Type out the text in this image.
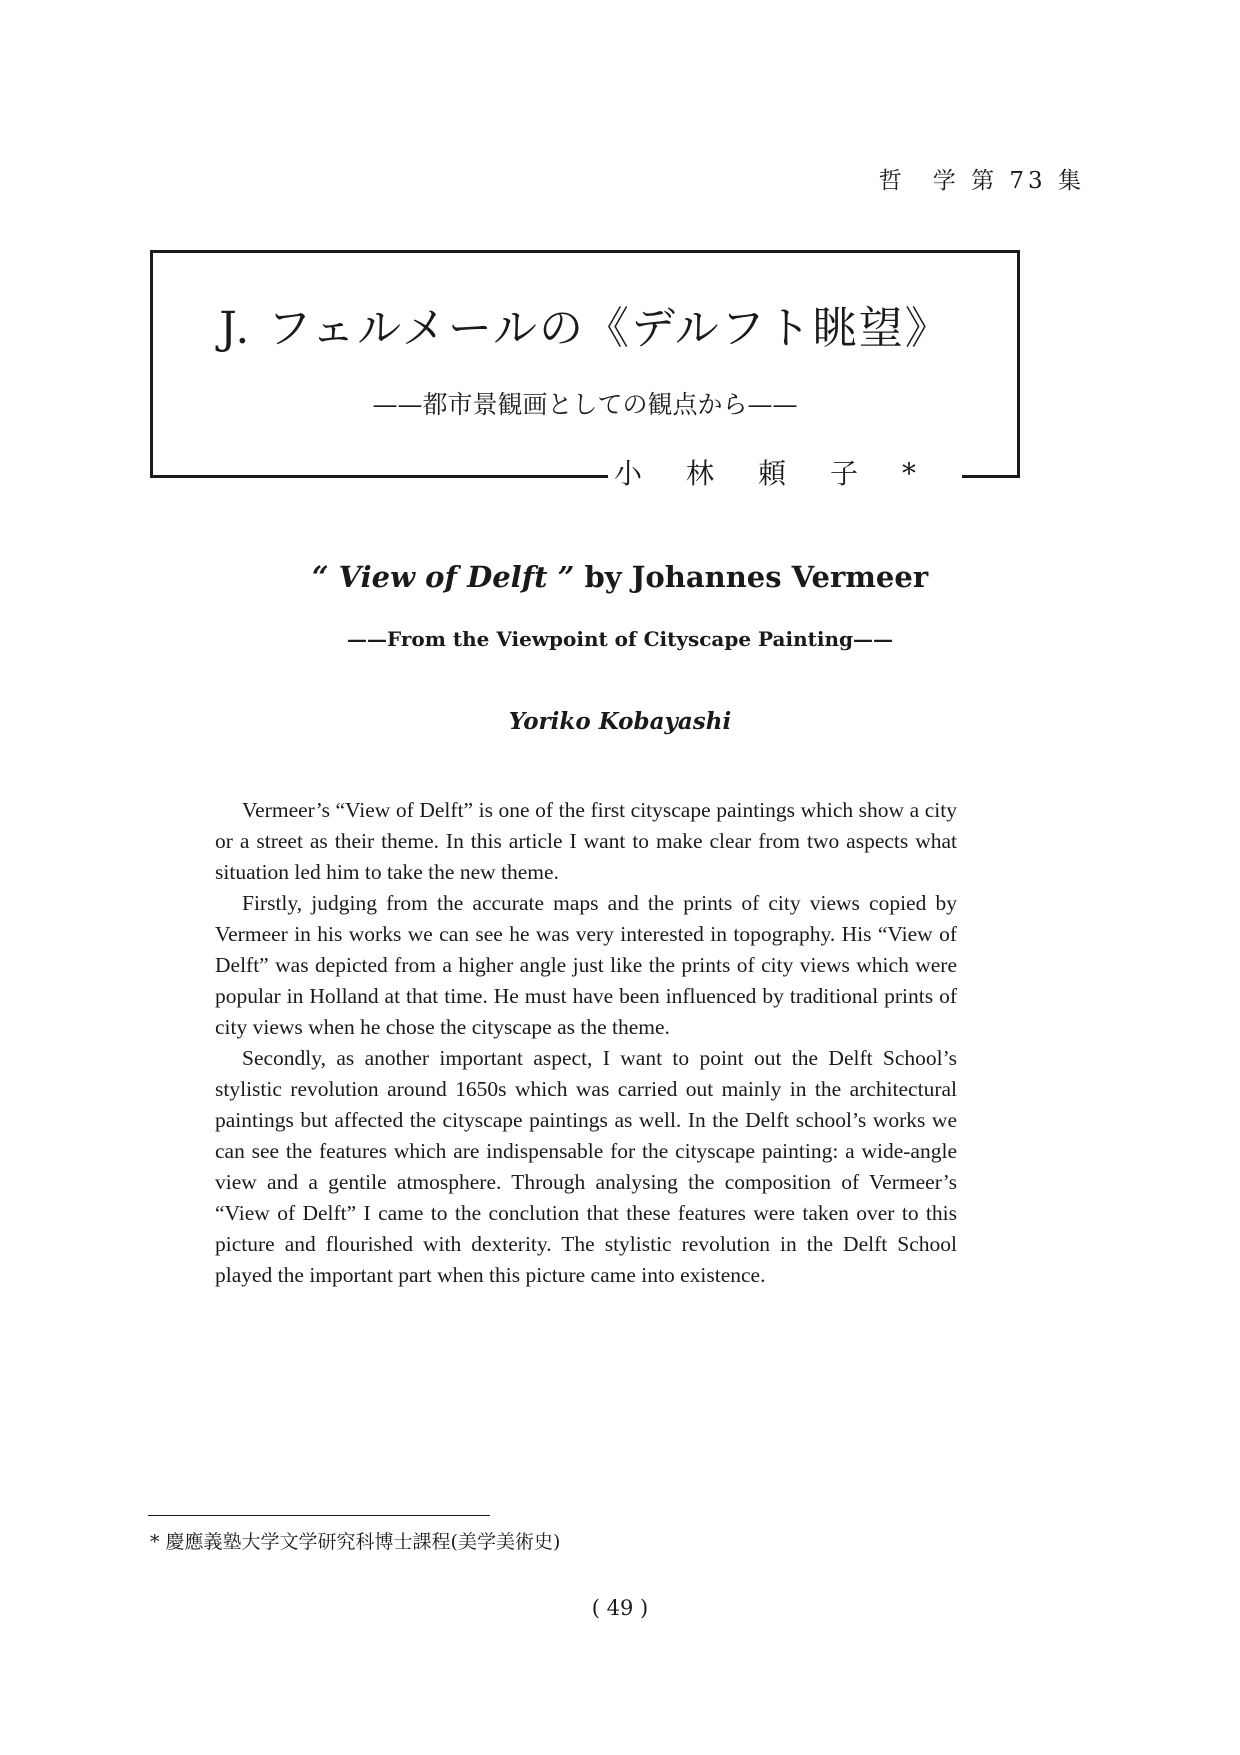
哲　学 第 73 集
J. フェルメールの《デルフト眺望》
——都市景観画としての観点から——
小林頼子*
“ View of Delft ” by Johannes Vermeer
——From the Viewpoint of Cityscape Painting——
Yoriko Kobayashi

Vermeer’s “View of Delft” is one of the first cityscape paintings which show a city or a street as their theme. In this article I want to make clear from two aspects what situation led him to take the new theme.

Firstly, judging from the accurate maps and the prints of city views copied by Vermeer in his works we can see he was very interested in topography. His “View of Delft” was depicted from a higher angle just like the prints of city views which were popular in Holland at that time. He must have been influenced by traditional prints of city views when he chose the cityscape as the theme.

Secondly, as another important aspect, I want to point out the Delft School’s stylistic revolution around 1650s which was carried out mainly in the architectural paintings but affected the cityscape paintings as well. In the Delft school’s works we can see the features which are indispensable for the cityscape painting: a wide-angle view and a gentile atmosphere. Through analysing the composition of Vermeer’s “View of Delft” I came to the conclution that these features were taken over to this picture and flourished with dexterity. The stylistic revolution in the Delft School played the important part when this picture came into existence.

* 慶應義塾大学文学研究科博士課程(美学美術史)
( 49 )
